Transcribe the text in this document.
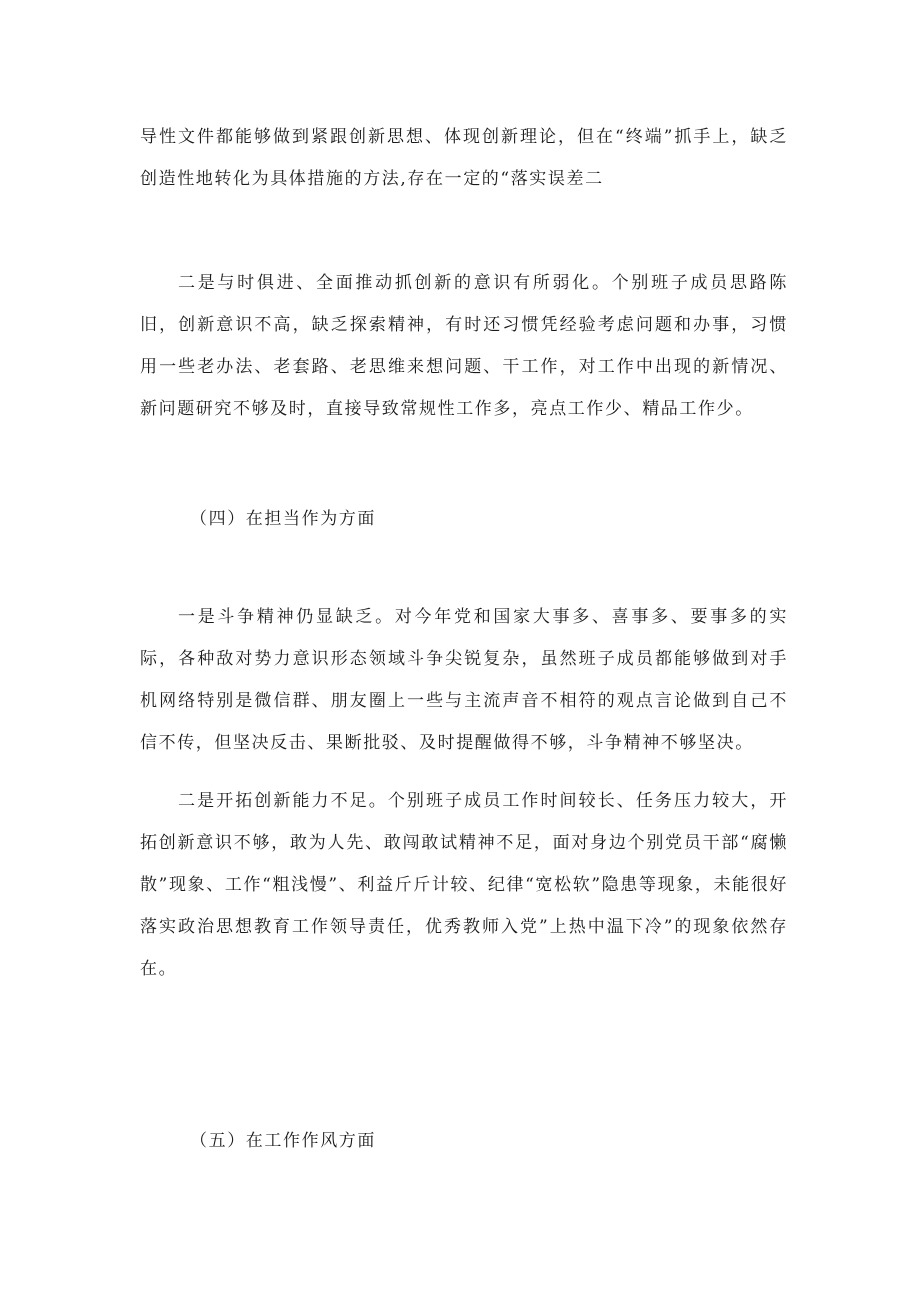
导性文件都能够做到紧跟创新思想、体现创新理论，但在“终端”抓手上，缺乏创造性地转化为具体措施的方法,存在一定的“落实误差二

二是与时俱进、全面推动抓创新的意识有所弱化。个别班子成员思路陈旧，创新意识不高，缺乏探索精神，有时还习惯凭经验考虑问题和办事，习惯用一些老办法、老套路、老思维来想问题、干工作，对工作中出现的新情况、新问题研究不够及时，直接导致常规性工作多，亮点工作少、精品工作少。

（四）在担当作为方面

一是斗争精神仍显缺乏。对今年党和国家大事多、喜事多、要事多的实际，各种敌对势力意识形态领域斗争尖锐复杂，虽然班子成员都能够做到对手机网络特别是微信群、朋友圈上一些与主流声音不相符的观点言论做到自己不信不传，但坚决反击、果断批驳、及时提醒做得不够，斗争精神不够坚决。

二是开拓创新能力不足。个别班子成员工作时间较长、任务压力较大，开拓创新意识不够，敢为人先、敢闯敢试精神不足，面对身边个别党员干部“腐懒散”现象、工作“粗浅慢”、利益斤斤计较、纪律“宽松软”隐患等现象，未能很好落实政治思想教育工作领导责任，优秀教师入党”上热中温下冷”的现象依然存在。

（五）在工作作风方面
